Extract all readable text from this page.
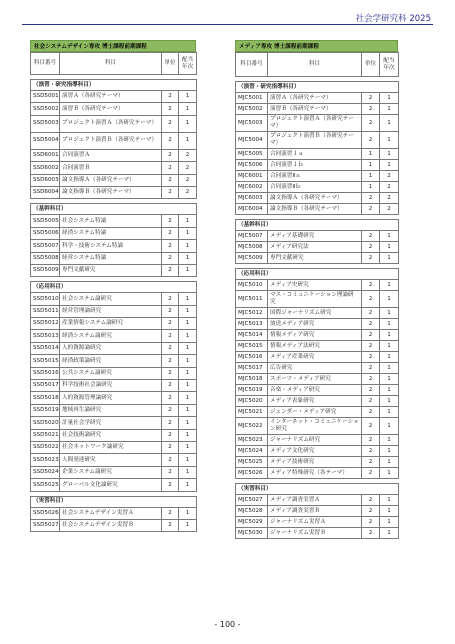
社会学研究科 2025
社会システムデザイン専攻 博士課程前期課程
科目番号	科目	単位	配当年次

（演習・研究指導科目）			
SSD5001	演習Ａ（各研究テーマ）	2	1
SSD5002	演習Ｂ（各研究テーマ）	2	1
SSD5003	プロジェクト演習Ａ（各研究テーマ）	2	1
SSD5004	プロジェクト演習Ｂ（各研究テーマ）	2	1
SSD6001	合同演習Ａ	2	2
SSD6002	合同演習Ｂ	2	2
SSD6003	論文指導Ａ（各研究テーマ）	2	2
SSD6004	論文指導Ｂ（各研究テーマ）	2	2

（基幹科目）			
SSD5005	社会システム特論	2	1
SSD5006	経済システム特論	2	1
SSD5007	科学・技術システム特論	2	1
SSD5008	経営システム特論	2	1
SSD5009	専門文献研究	2	1

（応用科目）			
SSD5010	社会システム論研究	2	1
SSD5011	経営管理論研究	2	1
SSD5012	産業情報システム論研究	2	1
SSD5013	経済システム論研究	2	1
SSD5014	人的資源論研究	2	1
SSD5015	経済政策論研究	2	1
SSD5016	公共システム論研究	2	1
SSD5017	科学技術社会論研究	2	1
SSD5018	人的資源管理論研究	2	1
SSD5019	地域再生論研究	2	1
SSD5020	計量社会学研究	2	1
SSD5021	社会技術論研究	2	1
SSD5022	社会ネットワーク論研究	2	1
SSD5023	人間発達研究	2	1
SSD5024	企業システム論研究	2	1
SSD5025	グローバル文化論研究	2	1

（実習科目）			
SSD5026	社会システムデザイン実習Ａ	2	1
SSD5027	社会システムデザイン実習Ｂ	2	1
メディア専攻 博士課程前期課程
科目番号	科目	単位	配当年次

（演習・研究指導科目）			
MJC5001	演習Ａ（各研究テーマ）	2	1
MJC5002	演習Ｂ（各研究テーマ）	2	1
MJC5003	プロジェクト演習Ａ（各研究テーマ）	2	1
MJC5004	プロジェクト演習Ｂ（各研究テーマ）	2	1
MJC5005	合同演習１ａ	1	1
MJC5006	合同演習１ｂ	1	1
MJC6001	合同演習Ⅱａ	1	2
MJC6002	合同演習Ⅱｂ	1	2
MJC6003	論文指導Ａ（各研究テーマ）	2	2
MJC6004	論文指導Ｂ（各研究テーマ）	2	2

（基幹科目）			
MJC5007	メディア基礎研究	2	1
MJC5008	メディア研究法	2	1
MJC5009	専門文献研究	2	1

（応用科目）			
MJC5010	メディア史研究	2	1
MJC5011	マス・コミュニケーション理論研究	2	1
MJC5012	国際ジャーナリズム研究	2	1
MJC5013	放送メディア研究	2	1
MJC5014	情報メディア研究	2	1
MJC5015	情報メディア法研究	2	1
MJC5016	メディア産業研究	2	1
MJC5017	広告研究	2	1
MJC5018	スポーツ・メディア研究	2	1
MJC5019	音楽・メディア研究	2	1
MJC5020	メディア表象研究	2	1
MJC5021	ジェンダー・メディア研究	2	1
MJC5022	インターネット・コミュニケーション研究	2	1
MJC5023	ジャーナリズム研究	2	1
MJC5024	メディア文化研究	2	1
MJC5025	メディア技術研究	2	1
MJC5026	メディア特殊研究（各テーマ）	2	1

（実習科目）			
MJC5027	メディア調査実習Ａ	2	1
MJC5028	メディア調査実習Ｂ	2	1
MJC5029	ジャーナリズム実習Ａ	2	1
MJC5030	ジャーナリズム実習Ｂ	2	1
- 100 -
